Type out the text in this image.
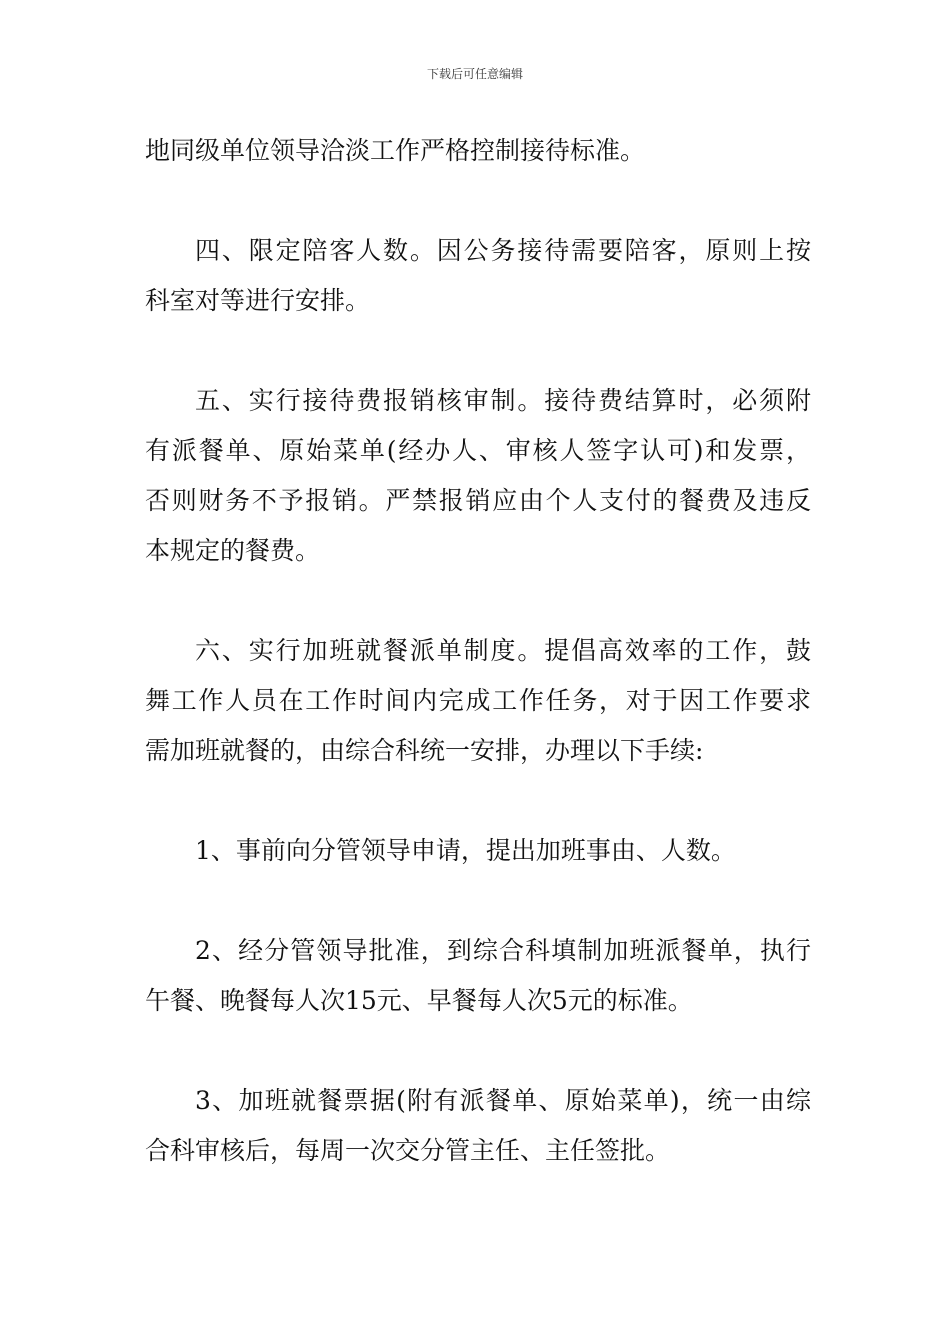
下载后可任意编辑

地同级单位领导洽淡工作严格控制接待标准。

四、限定陪客人数。因公务接待需要陪客，原则上按
科室对等进行安排。

五、实行接待费报销核审制。接待费结算时，必须附
有派餐单、原始菜单(经办人、审核人签字认可)和发票，
否则财务不予报销。严禁报销应由个人支付的餐费及违反
本规定的餐费。

六、实行加班就餐派单制度。提倡高效率的工作，鼓
舞工作人员在工作时间内完成工作任务，对于因工作要求
需加班就餐的，由综合科统一安排，办理以下手续:

1、事前向分管领导申请，提出加班事由、人数。

2、经分管领导批准，到综合科填制加班派餐单，执行
午餐、晚餐每人次15元、早餐每人次5元的标准。

3、加班就餐票据(附有派餐单、原始菜单)，统一由综
合科审核后，每周一次交分管主任、主任签批。
